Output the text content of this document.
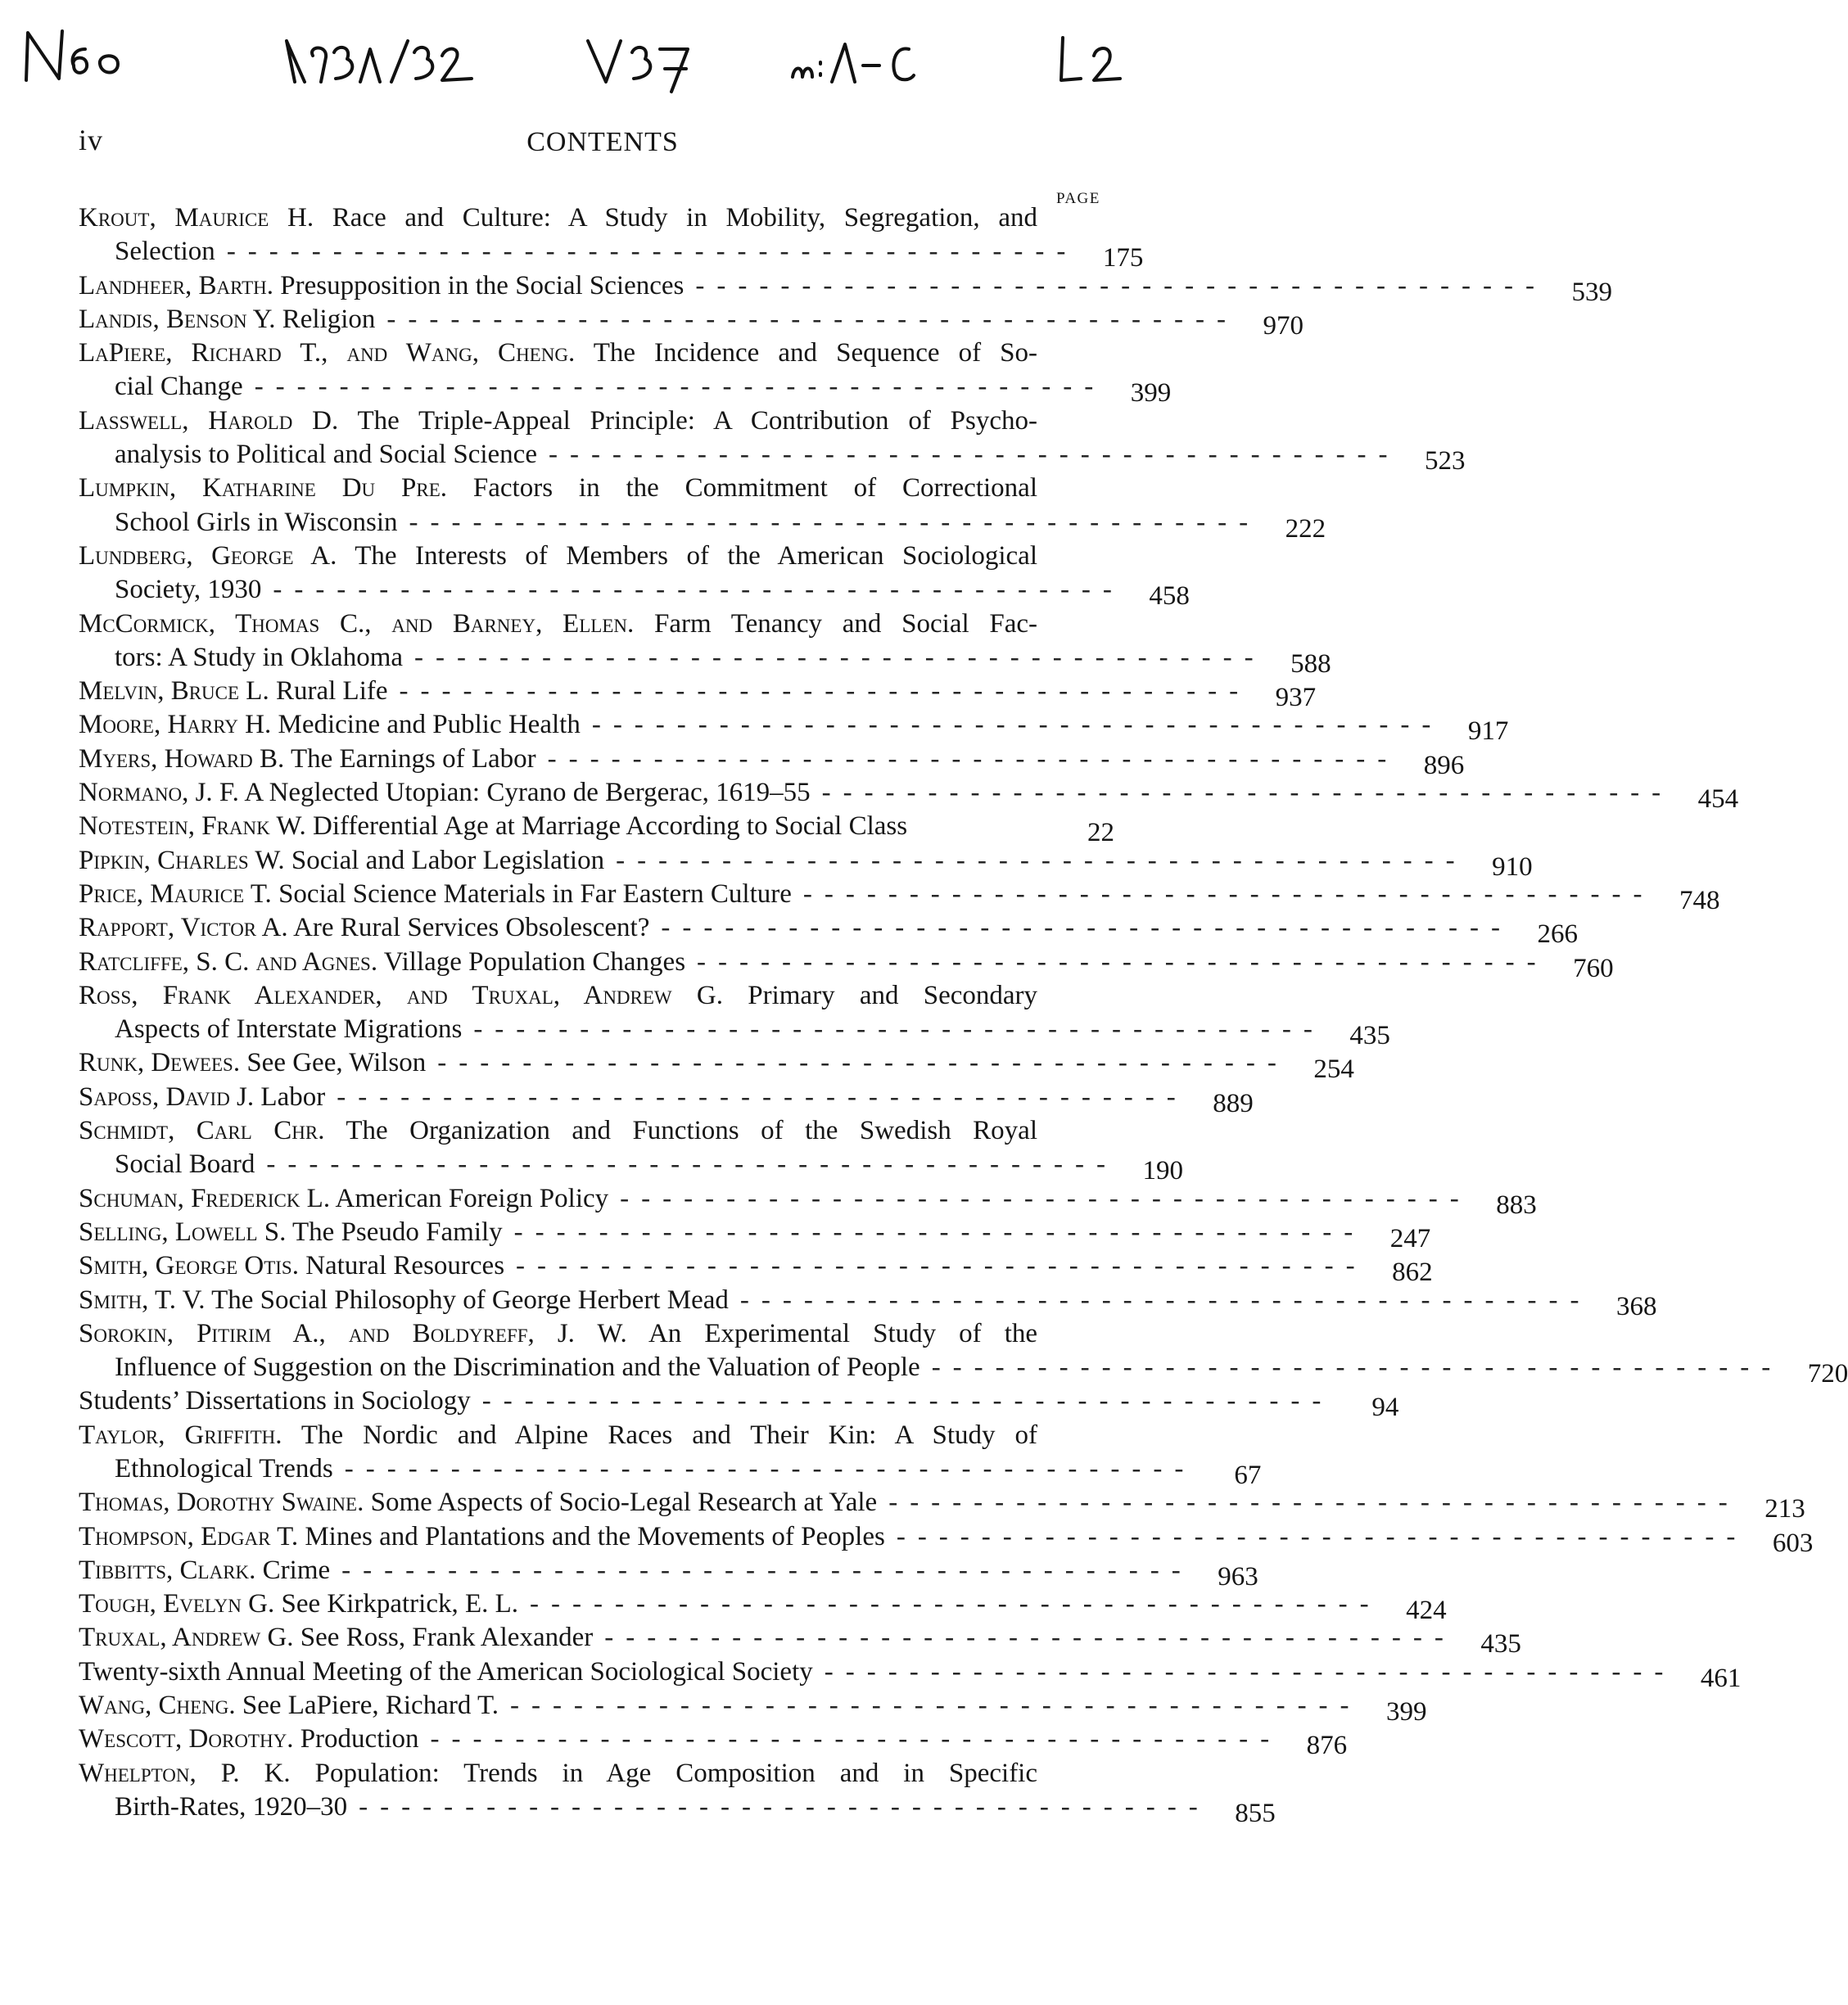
iv	CONTENTS
PAGE
Krout, Maurice H. Race and Culture: A Study in Mobility, Segregation, and
Selection ---------------------------------------- 175
Landheer, Barth. Presupposition in the Social Sciences ---------------------------------------- 539
Landis, Benson Y. Religion ---------------------------------------- 970
LaPiere, Richard T., and Wang, Cheng. The Incidence and Sequence of So-
cial Change ---------------------------------------- 399
Lasswell, Harold D. The Triple-Appeal Principle: A Contribution of Psycho-
analysis to Political and Social Science ---------------------------------------- 523
Lumpkin, Katharine Du Pre. Factors in the Commitment of Correctional
School Girls in Wisconsin ---------------------------------------- 222
Lundberg, George A. The Interests of Members of the American Sociological
Society, 1930 ---------------------------------------- 458
McCormick, Thomas C., and Barney, Ellen. Farm Tenancy and Social Fac-
tors: A Study in Oklahoma ---------------------------------------- 588
Melvin, Bruce L. Rural Life ---------------------------------------- 937
Moore, Harry H. Medicine and Public Health ---------------------------------------- 917
Myers, Howard B. The Earnings of Labor ---------------------------------------- 896
Normano, J. F. A Neglected Utopian: Cyrano de Bergerac, 1619–55 ---------------------------------------- 454
Notestein, Frank W. Differential Age at Marriage According to Social Class	22
Pipkin, Charles W. Social and Labor Legislation ---------------------------------------- 910
Price, Maurice T. Social Science Materials in Far Eastern Culture ---------------------------------------- 748
Rapport, Victor A. Are Rural Services Obsolescent? ---------------------------------------- 266
Ratcliffe, S. C. and Agnes. Village Population Changes ---------------------------------------- 760
Ross, Frank Alexander, and Truxal, Andrew G. Primary and Secondary
Aspects of Interstate Migrations ---------------------------------------- 435
Runk, Dewees. See Gee, Wilson ---------------------------------------- 254
Saposs, David J. Labor ---------------------------------------- 889
Schmidt, Carl Chr. The Organization and Functions of the Swedish Royal
Social Board ---------------------------------------- 190
Schuman, Frederick L. American Foreign Policy ---------------------------------------- 883
Selling, Lowell S. The Pseudo Family ---------------------------------------- 247
Smith, George Otis. Natural Resources ---------------------------------------- 862
Smith, T. V. The Social Philosophy of George Herbert Mead ---------------------------------------- 368
Sorokin, Pitirim A., and Boldyreff, J. W. An Experimental Study of the
Influence of Suggestion on the Discrimination and the Valuation of People ---------------------------------------- 720
Students’ Dissertations in Sociology ----------------------------------------	94
Taylor, Griffith. The Nordic and Alpine Races and Their Kin: A Study of
Ethnological Trends ----------------------------------------	67
Thomas, Dorothy Swaine. Some Aspects of Socio-Legal Research at Yale ---------------------------------------- 213
Thompson, Edgar T. Mines and Plantations and the Movements of Peoples ---------------------------------------- 603
Tibbitts, Clark. Crime ---------------------------------------- 963
Tough, Evelyn G. See Kirkpatrick, E. L. ---------------------------------------- 424
Truxal, Andrew G. See Ross, Frank Alexander ---------------------------------------- 435
Twenty-sixth Annual Meeting of the American Sociological Society ---------------------------------------- 461
Wang, Cheng. See LaPiere, Richard T. ---------------------------------------- 399
Wescott, Dorothy. Production ---------------------------------------- 876
Whelpton, P. K. Population: Trends in Age Composition and in Specific
Birth-Rates, 1920–30 ---------------------------------------- 855
